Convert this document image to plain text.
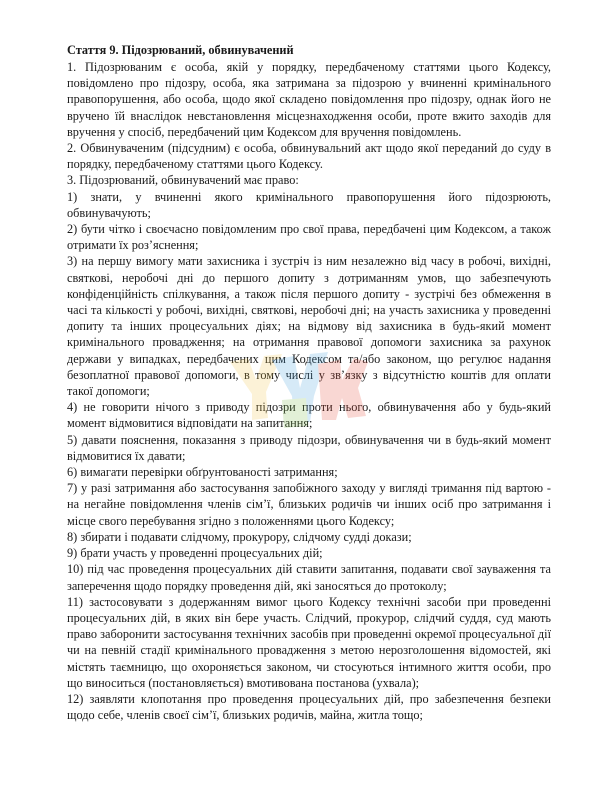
Стаття 9. Підозрюваний, обвинувачений

1. Підозрюваним є особа, якій у порядку, передбаченому статтями цього Кодексу, повідомлено про підозру, особа, яка затримана за підозрою у вчиненні кримінального правопорушення, або особа, щодо якої складено повідомлення про підозру, однак його не вручено їй внаслідок невстановлення місцезнаходження особи, проте вжито заходів для вручення у спосіб, передбачений цим Кодексом для вручення повідомлень.

2. Обвинуваченим (підсудним) є особа, обвинувальний акт щодо якої переданий до суду в порядку, передбаченому статтями цього Кодексу.

3. Підозрюваний, обвинувачений має право:

1) знати, у вчиненні якого кримінального правопорушення його підозрюють, обвинувачують;

2) бути чітко і своєчасно повідомленим про свої права, передбачені цим Кодексом, а також отримати їх роз’яснення;

3) на першу вимогу мати захисника і зустріч із ним незалежно від часу в робочі, вихідні, святкові, неробочі дні до першого допиту з дотриманням умов, що забезпечують конфіденційність спілкування, а також після першого допиту - зустрічі без обмеження в часі та кількості у робочі, вихідні, святкові, неробочі дні; на участь захисника у проведенні допиту та інших процесуальних діях; на відмову від захисника в будь-який момент кримінального провадження; на отримання правової допомоги захисника за рахунок держави у випадках, передбачених цим Кодексом та/або законом, що регулює надання безоплатної правової допомоги, в тому числі у зв’язку з відсутністю коштів для оплати такої допомоги;

4) не говорити нічого з приводу підозри проти нього, обвинувачення або у будь-який момент відмовитися відповідати на запитання;

5) давати пояснення, показання з приводу підозри, обвинувачення чи в будь-який момент відмовитися їх давати;

6) вимагати перевірки обґрунтованості затримання;

7) у разі затримання або застосування запобіжного заходу у вигляді тримання під вартою - на негайне повідомлення членів сім’ї, близьких родичів чи інших осіб про затримання і місце свого перебування згідно з положеннями цього Кодексу;

8) збирати і подавати слідчому, прокурору, слідчому судді докази;

9) брати участь у проведенні процесуальних дій;

10) під час проведення процесуальних дій ставити запитання, подавати свої зауваження та заперечення щодо порядку проведення дій, які заносяться до протоколу;

11) застосовувати з додержанням вимог цього Кодексу технічні засоби при проведенні процесуальних дій, в яких він бере участь. Слідчий, прокурор, слідчий суддя, суд мають право заборонити застосування технічних засобів при проведенні окремої процесуальної дії чи на певній стадії кримінального провадження з метою нерозголошення відомостей, які містять таємницю, що охороняється законом, чи стосуються інтимного життя особи, про що виноситься (постановляється) вмотивована постанова (ухвала);

12) заявляти клопотання про проведення процесуальних дій, про забезпечення безпеки щодо себе, членів своєї сім’ї, близьких родичів, майна, житла тощо;
